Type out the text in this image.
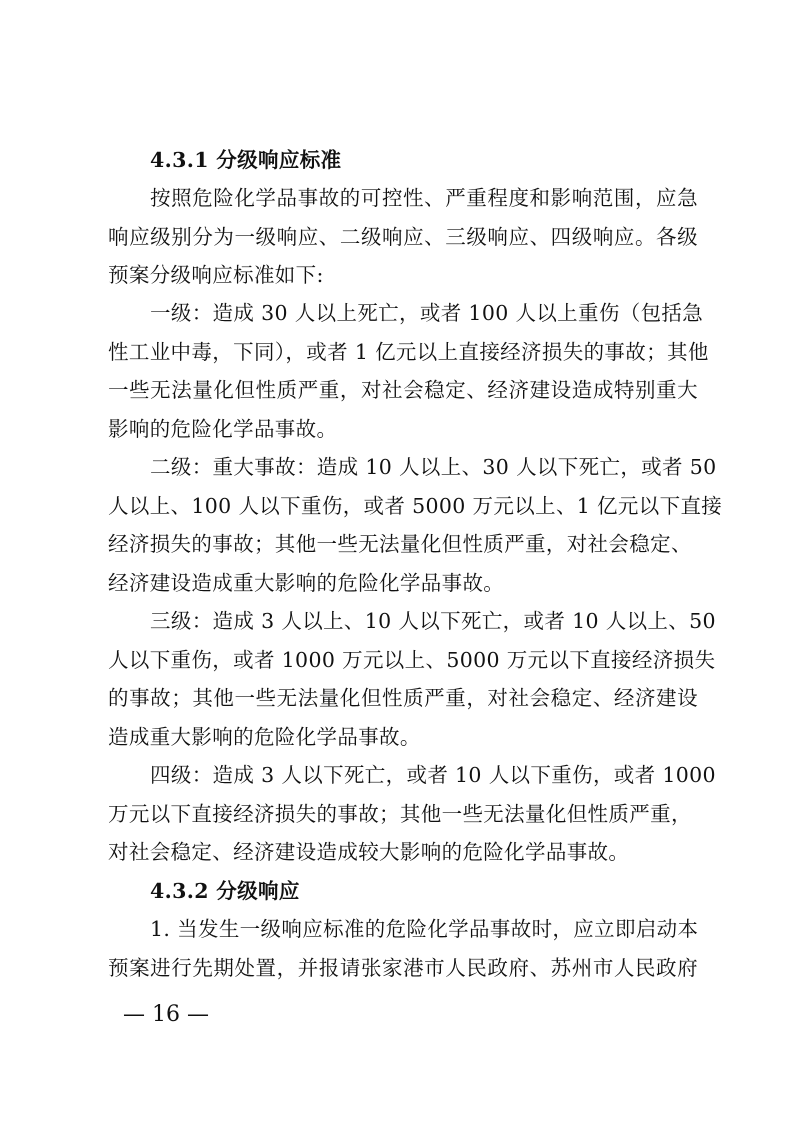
4.3.1 分级响应标准
按照危险化学品事故的可控性、严重程度和影响范围，应急
响应级别分为一级响应、二级响应、三级响应、四级响应。各级
预案分级响应标准如下:
一级：造成 30 人以上死亡，或者 100 人以上重伤（包括急
性工业中毒，下同），或者 1 亿元以上直接经济损失的事故；其他
一些无法量化但性质严重，对社会稳定、经济建设造成特别重大
影响的危险化学品事故。
二级：重大事故：造成 10 人以上、30 人以下死亡，或者 50
人以上、100 人以下重伤，或者 5000 万元以上、1 亿元以下直接
经济损失的事故；其他一些无法量化但性质严重，对社会稳定、
经济建设造成重大影响的危险化学品事故。
三级：造成 3 人以上、10 人以下死亡，或者 10 人以上、50
人以下重伤，或者 1000 万元以上、5000 万元以下直接经济损失
的事故；其他一些无法量化但性质严重，对社会稳定、经济建设
造成重大影响的危险化学品事故。
四级：造成 3 人以下死亡，或者 10 人以下重伤，或者 1000
万元以下直接经济损失的事故；其他一些无法量化但性质严重，
对社会稳定、经济建设造成较大影响的危险化学品事故。
4.3.2 分级响应
1. 当发生一级响应标准的危险化学品事故时，应立即启动本
预案进行先期处置，并报请张家港市人民政府、苏州市人民政府
— 16 —
